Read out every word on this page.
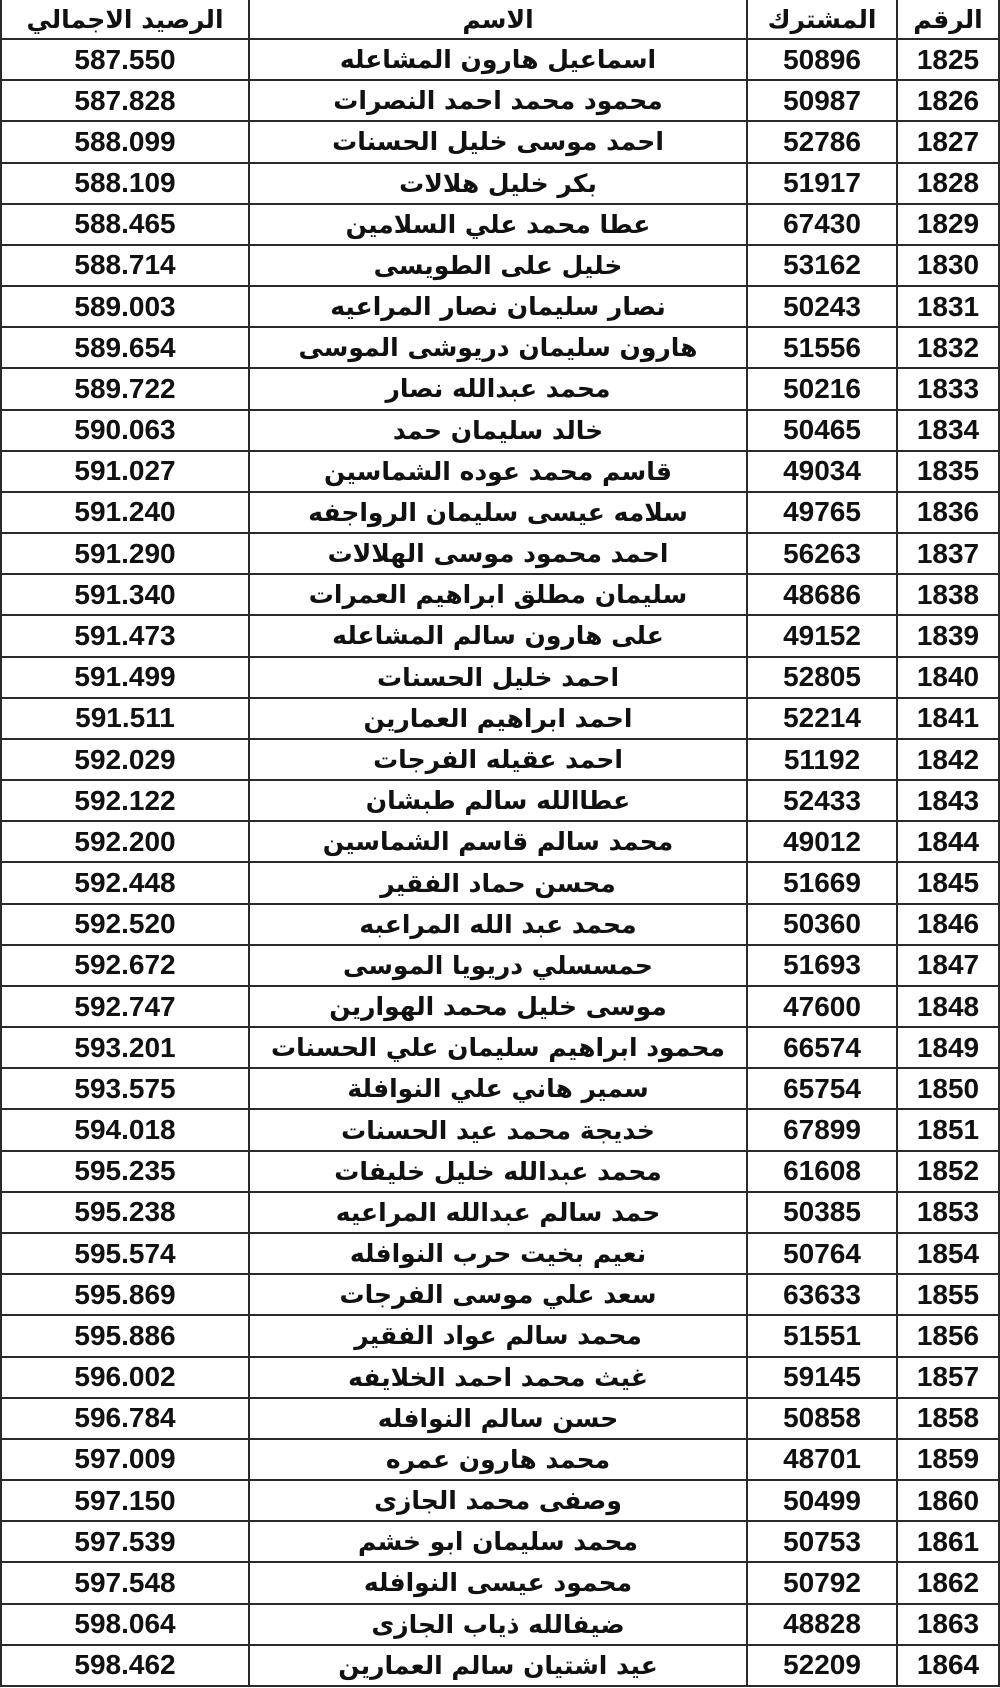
الرقم	المشترك	الاسم	الرصيد الاجمالي
1825	50896	اسماعيل هارون المشاعله	587.550
1826	50987	محمود محمد احمد النصرات	587.828
1827	52786	احمد موسى خليل الحسنات	588.099
1828	51917	بكر خليل هلالات	588.109
1829	67430	عطا محمد علي السلامين	588.465
1830	53162	خليل على الطويسى	588.714
1831	50243	نصار سليمان نصار المراعيه	589.003
1832	51556	هارون سليمان دريوشى الموسى	589.654
1833	50216	محمد عبدالله نصار	589.722
1834	50465	خالد سليمان حمد	590.063
1835	49034	قاسم محمد عوده الشماسين	591.027
1836	49765	سلامه عيسى سليمان الرواجفه	591.240
1837	56263	احمد محمود موسى الهلالات	591.290
1838	48686	سليمان مطلق ابراهيم العمرات	591.340
1839	49152	على هارون سالم المشاعله	591.473
1840	52805	احمد خليل الحسنات	591.499
1841	52214	احمد ابراهيم العمارين	591.511
1842	51192	احمد عقيله الفرجات	592.029
1843	52433	عطاالله سالم طبشان	592.122
1844	49012	محمد سالم قاسم الشماسين	592.200
1845	51669	محسن حماد الفقير	592.448
1846	50360	محمد عبد الله المراعبه	592.520
1847	51693	حمسسلي دريويا الموسى	592.672
1848	47600	موسى خليل محمد الهوارين	592.747
1849	66574	محمود ابراهيم سليمان علي الحسنات	593.201
1850	65754	سمير هاني علي النوافلة	593.575
1851	67899	خديجة محمد عيد الحسنات	594.018
1852	61608	محمد عبدالله خليل خليفات	595.235
1853	50385	حمد سالم عبدالله المراعيه	595.238
1854	50764	نعيم بخيت حرب النوافله	595.574
1855	63633	سعد علي موسى الفرجات	595.869
1856	51551	محمد سالم عواد الفقير	595.886
1857	59145	غيث محمد احمد الخلايفه	596.002
1858	50858	حسن سالم النوافله	596.784
1859	48701	محمد هارون عمره	597.009
1860	50499	وصفى محمد الجازى	597.150
1861	50753	محمد سليمان ابو خشم	597.539
1862	50792	محمود عيسى النوافله	597.548
1863	48828	ضيفالله ذياب الجازى	598.064
1864	52209	عيد اشتيان سالم العمارين	598.462
